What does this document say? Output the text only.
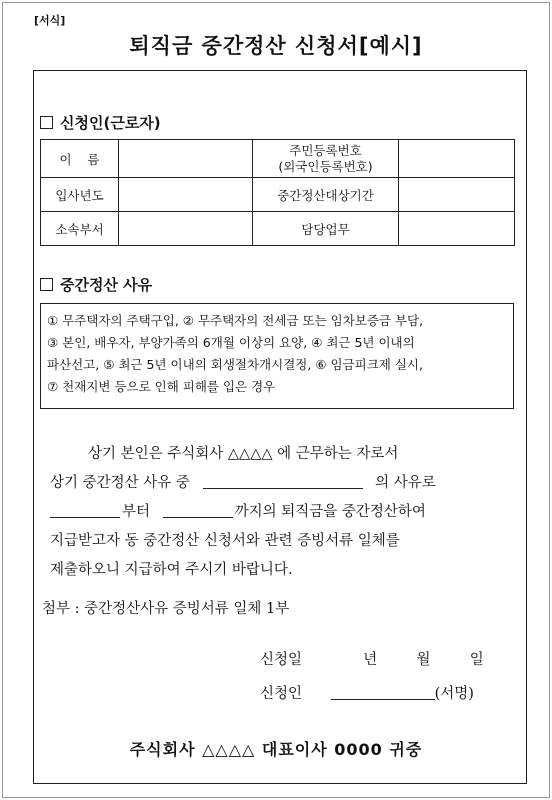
[서식]
퇴직금 중간정산 신청서[예시]
신청인(근로자)
이    름		주민등록번호
(외국인등록번호)	

입사년도		중간정산대상기간	
소속부서		담당업무	
중간정산 사유
① 무주택자의 주택구입, ② 무주택자의 전세금 또는 임차보증금 부담,
③ 본인, 배우자, 부양가족의 6개월 이상의 요양, ④ 최근 5년 이내의
파산선고, ⑤ 최근 5년 이내의 회생절차개시결정, ⑥ 임금피크제 실시,
⑦ 천재지변 등으로 인해 피해를 입은 경우
상기 본인은 주식회사 △△△△ 에 근무하는 자로서
상기 중간정산 사유 중	의 사유로
부터	까지의 퇴직금을 중간정산하여
지급받고자 동 중간정산 신청서와 관련 증빙서류 일체를
제출하오니 지급하여 주시기 바랍니다.
첨부 : 중간정산사유 증빙서류 일체 1부
신청일	년	월	일
신청인	(서명)
주식회사 △△△△ 대표이사 0000 귀중
